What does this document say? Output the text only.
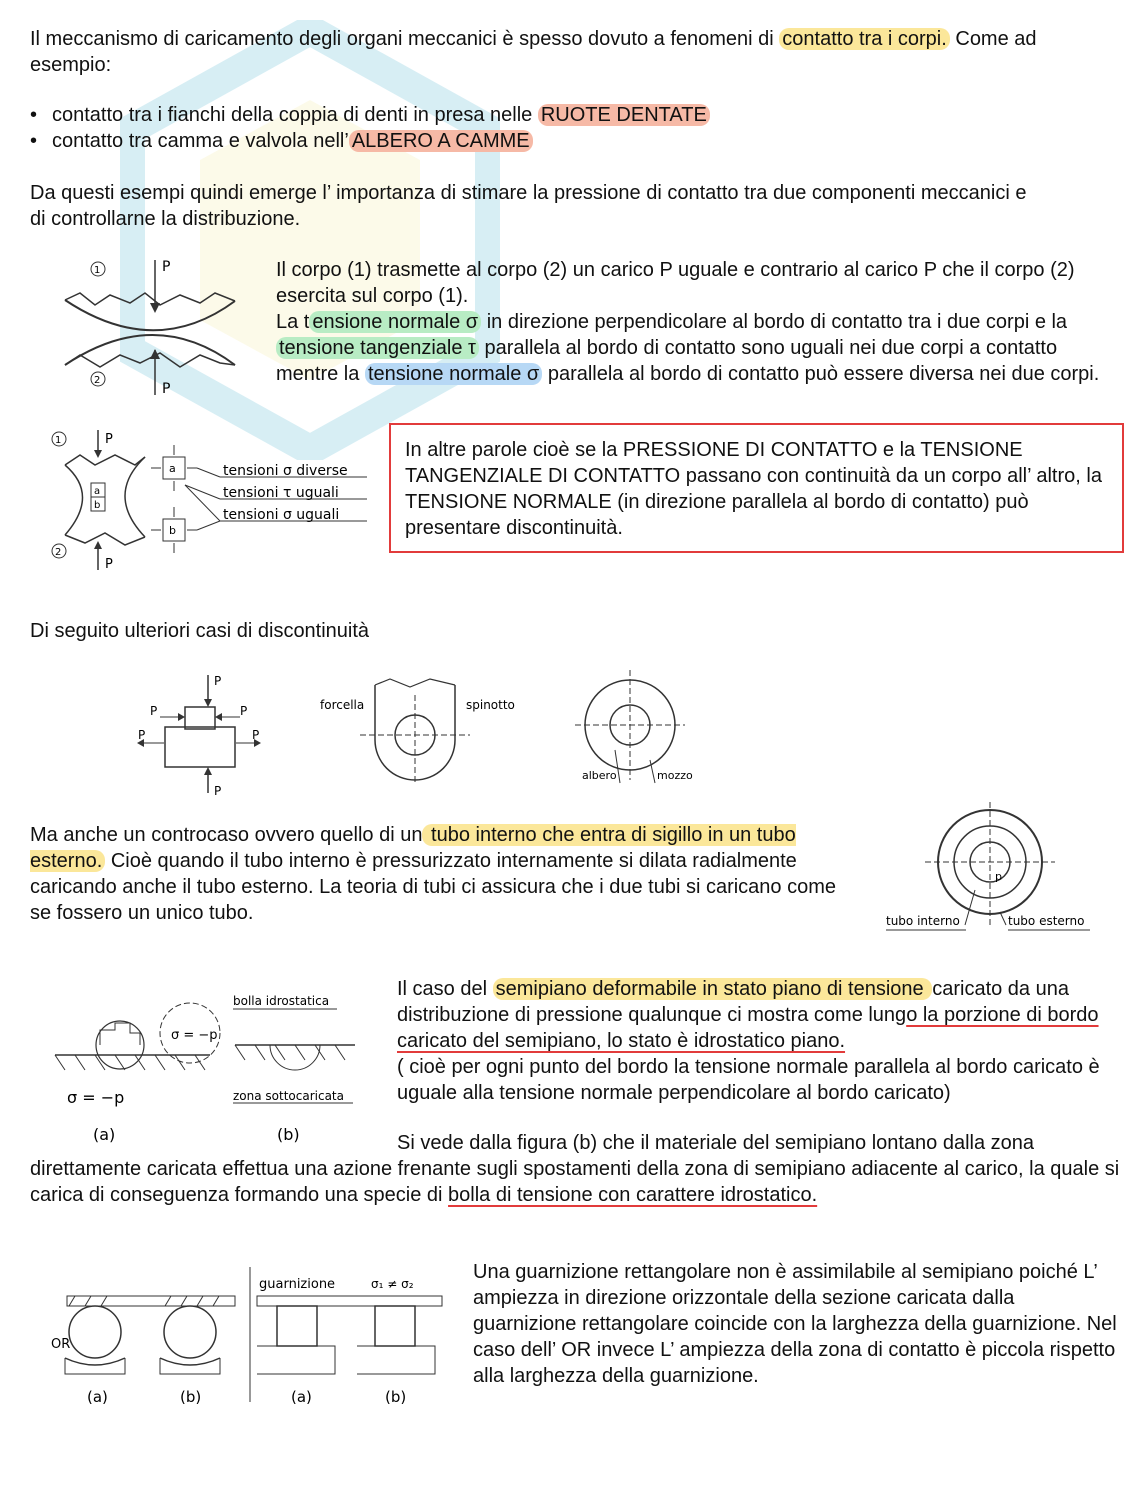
Il meccanismo di caricamento degli organi meccanici è spesso dovuto a fenomeni di contatto tra i corpi. Come ad esempio:

• contatto tra i fianchi della coppia di denti in presa nelle RUOTE DENTATE
• contatto tra camma e valvola nell’ ALBERO A CAMME

Da questi esempi quindi emerge l’ importanza di stimare la pressione di contatto tra due componenti meccanici e di controllarne la distribuzione.

1
2
P
P

Il corpo (1) trasmette al corpo (2) un carico P uguale e contrario al carico P che il corpo (2) esercita sul corpo (1).
La t ensione normale σ in direzione perpendicolare al bordo di contatto tra i due corpi e la tensione tangenziale τ parallela al bordo di contatto sono uguali nei due corpi a contatto mentre la tensione normale σ parallela al bordo di contatto può essere diversa nei due corpi.

a
b
P
P
1
2
a
b
tensioni σ diverse
tensioni τ uguali
tensioni σ uguali
In altre parole cioè se la PRESSIONE DI CONTATTO e la TENSIONE TANGENZIALE DI CONTATTO passano con continuità da un corpo all’ altro, la TENSIONE NORMALE (in direzione parallela al bordo di contatto) può presentare discontinuità.

Di seguito ulteriori casi di discontinuità

P
P
P	P
P	P
forcella	spinotto
albero	mozzo

Ma anche un controcaso ovvero quello di un tubo interno che entra di sigillo in un tubo esterno. Cioè quando il tubo interno è pressurizzato internamente si dilata radialmente caricando anche il tubo esterno. La teoria di tubi ci assicura che i due tubi si caricano come se fossero un unico tubo.

p
tubo interno	tubo esterno
σ = −p
σ = −p
(a)
bolla idrostatica
zona sottocaricata
(b)

Il caso del semipiano deformabile in stato piano di tensione caricato da una distribuzione di pressione qualunque ci mostra come lungo la porzione di bordo caricato del semipiano, lo stato è idrostatico piano.
( cioè per ogni punto del bordo la tensione normale parallela al bordo caricato è uguale alla tensione normale perpendicolare al bordo caricato)

Si vede dalla figura (b) che il materiale del semipiano lontano dalla zona direttamente caricata effettua una azione frenante sugli spostamenti della zona di semipiano adiacente al carico, la quale si carica di conseguenza formando una specie di bolla di tensione con carattere idrostatico.

OR
(a)	(b)
guarnizione	σ₁ ≠ σ₂
(a)	(b)

Una guarnizione rettangolare non è assimilabile al semipiano poiché L’ ampiezza in direzione orizzontale della sezione caricata dalla guarnizione rettangolare coincide con la larghezza della guarnizione. Nel caso dell’ OR invece L’ ampiezza della zona di contatto è piccola rispetto alla larghezza della guarnizione.
